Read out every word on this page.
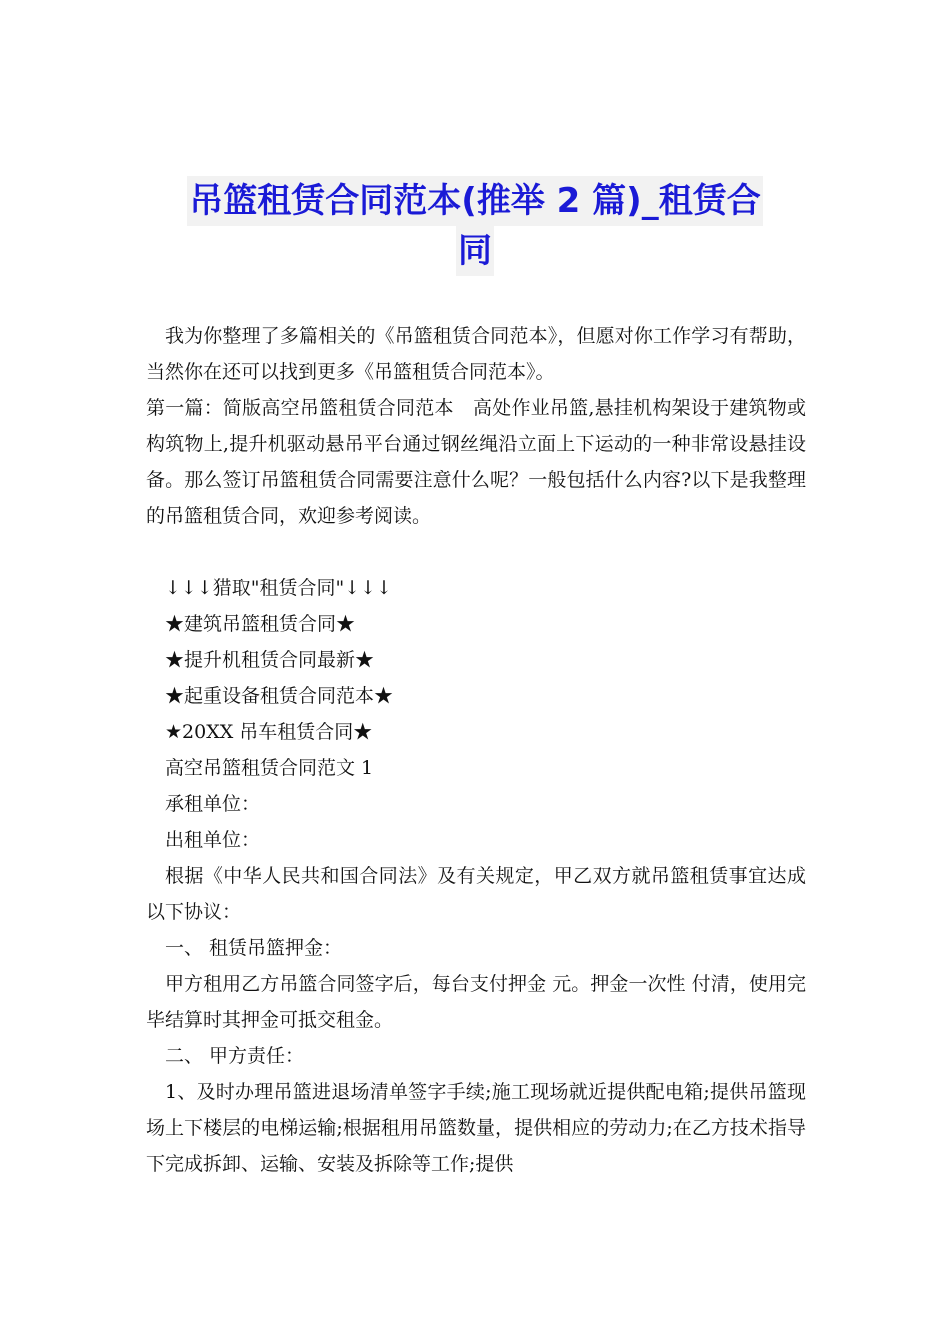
吊篮租赁合同范本(推举 2 篇)_租赁合
同

我为你整理了多篇相关的《吊篮租赁合同范本》，但愿对你工作学习有帮助，当然你在还可以找到更多《吊篮租赁合同范本》。

第一篇：简版高空吊篮租赁合同范本　高处作业吊篮,悬挂机构架设于建筑物或构筑物上,提升机驱动悬吊平台通过钢丝绳沿立面上下运动的一种非常设悬挂设备。那么签订吊篮租赁合同需要注意什么呢？一般包括什么内容?以下是我整理的吊篮租赁合同，欢迎参考阅读。

↓↓↓猎取"租赁合同"↓↓↓

★建筑吊篮租赁合同★

★提升机租赁合同最新★

★起重设备租赁合同范本★

★20XX 吊车租赁合同★

高空吊篮租赁合同范文 1

承租单位：

出租单位：

根据《中华人民共和国合同法》及有关规定，甲乙双方就吊篮租赁事宜达成以下协议：

一、 租赁吊篮押金：

甲方租用乙方吊篮合同签字后，每台支付押金 元。押金一次性 付清，使用完毕结算时其押金可抵交租金。

二、 甲方责任：

1、及时办理吊篮进退场清单签字手续;施工现场就近提供配电箱;提供吊篮现场上下楼层的电梯运输;根据租用吊篮数量，提供相应的劳动力;在乙方技术指导下完成拆卸、运输、安装及拆除等工作;提供
